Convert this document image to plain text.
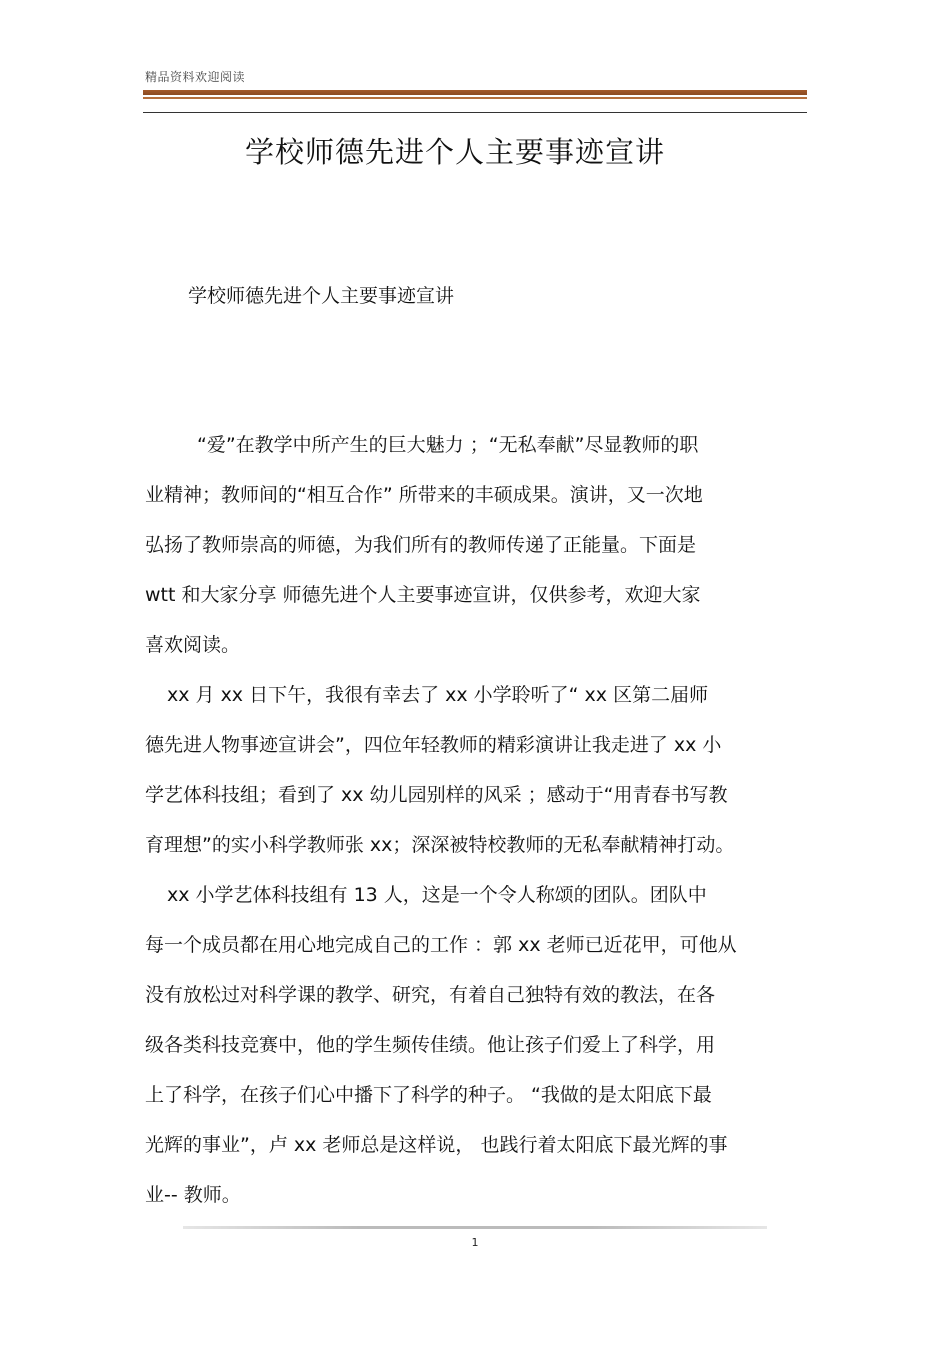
精品资料欢迎阅读
学校师德先进个人主要事迹宣讲
学校师德先进个人主要事迹宣讲
“爱”在教学中所产生的巨大魅力 ；“无私奉献”尽显教师的职
业精神；教师间的“相互合作” 所带来的丰硕成果。演讲，又一次地
弘扬了教师崇高的师德，为我们所有的教师传递了正能量。下面是
wtt 和大家分享 师德先进个人主要事迹宣讲，仅供参考，欢迎大家
喜欢阅读。
xx 月 xx 日下午，我很有幸去了 xx 小学聆听了“ xx 区第二届师
德先进人物事迹宣讲会”，四位年轻教师的精彩演讲让我走进了 xx 小
学艺体科技组；看到了 xx 幼儿园别样的风采 ；感动于“用青春书写教
育理想”的实小科学教师张 xx；深深被特校教师的无私奉献精神打动。
xx 小学艺体科技组有 13 人，这是一个令人称颂的团队。团队中
每一个成员都在用心地完成自己的工作 ：郭 xx 老师已近花甲，可他从
没有放松过对科学课的教学、研究，有着自己独特有效的教法，在各
级各类科技竞赛中，他的学生频传佳绩。他让孩子们爱上了科学，用
上了科学，在孩子们心中播下了科学的种子。 “我做的是太阳底下最
光辉的事业”，卢 xx 老师总是这样说， 也践行着太阳底下最光辉的事
业-- 教师。
1
